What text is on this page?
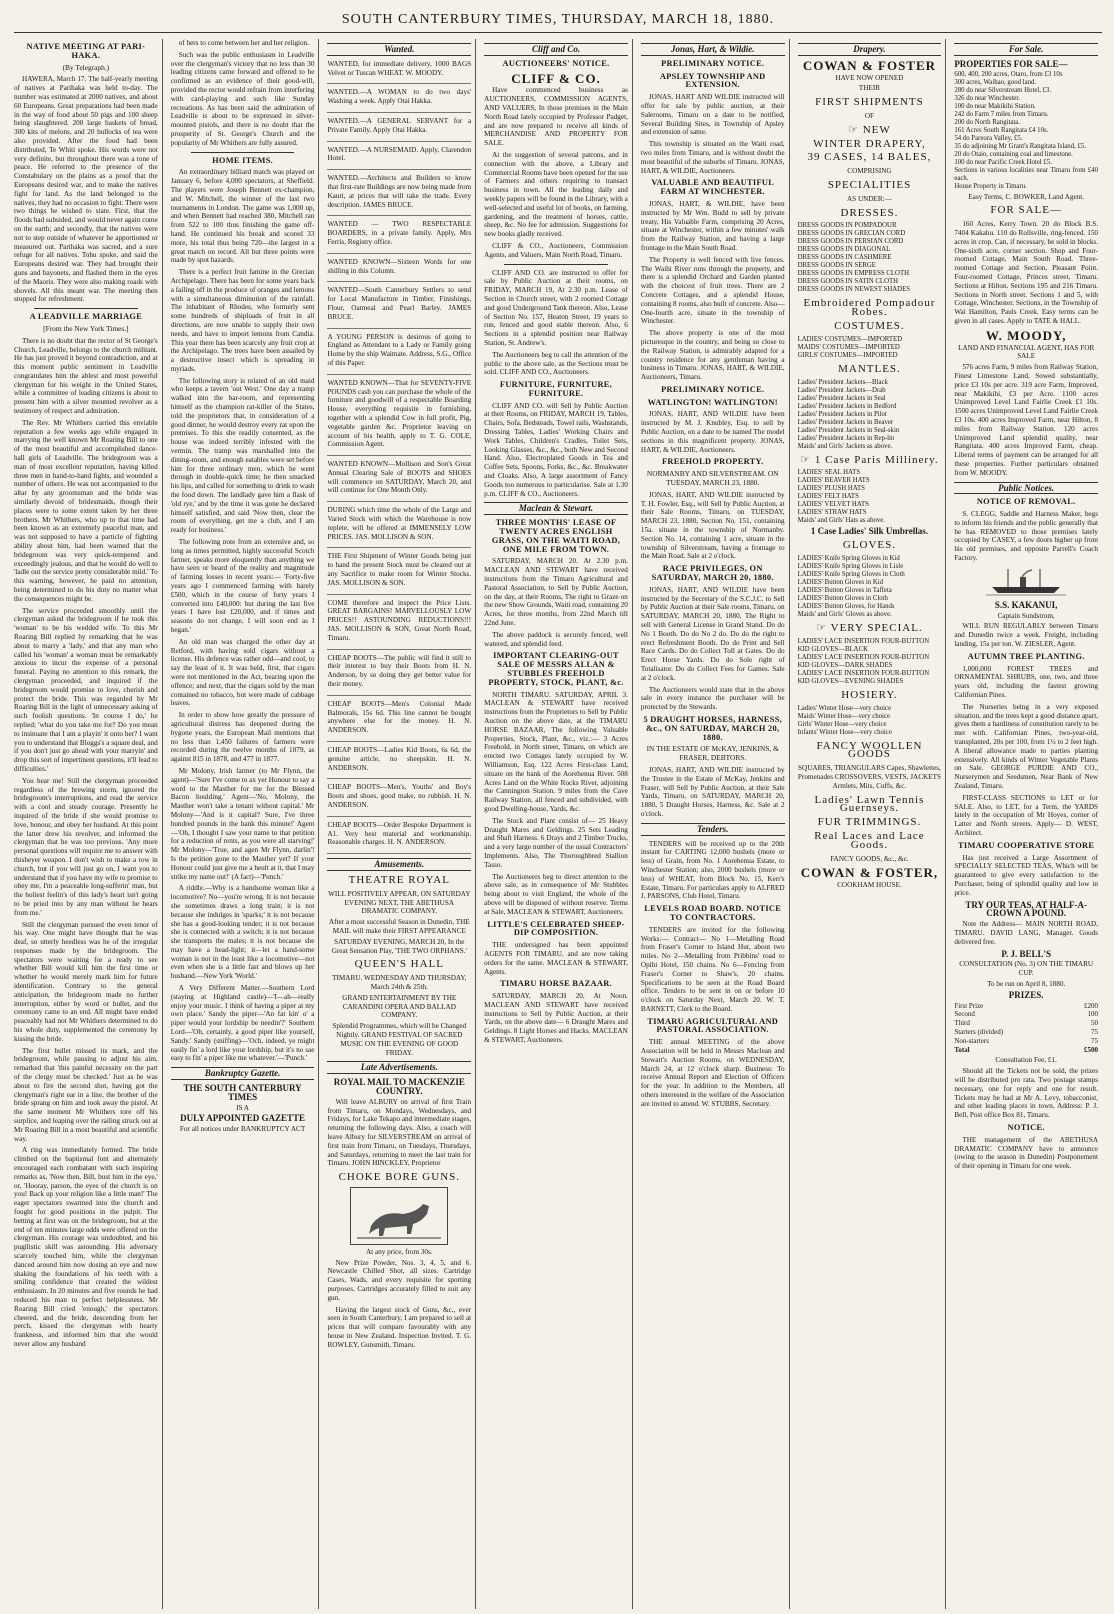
SOUTH CANTERBURY TIMES, THURSDAY, MARCH 18, 1880.
NATIVE MEETING AT PARI-HAKA.
(By Telegraph.)

HAWERA, March 17. The half-yearly meeting of natives at Parihaka was held to-day. The number was estimated at 2000 natives, and about 60 Europeans. Great preparations had been made in the way of food about 50 pigs and 100 sheep being slaughtered. 200 large baskets of bread, 300 kits of melons, and 20 bullocks of tea were also provided. After the food had been distributed, Te Whiti spoke. His words were not very definite, but throughout there was a tone of peace. He referred to the presence of the Constabulary on the plains as a proof that the Europeans desired war, and to make the natives fight for land. As the land belonged to the natives, they had no occasion to fight. There were two things he wished to state. First, that the floods had subsided, and would never again come on the earth; and secondly, that the natives were not to step outside of whatever he apportioned or measured out. Parihaka was sacred, and a sure refuge for all natives. Tohu spoke, and said the Europeans desired war. They had brought their guns and bayonets, and flashed them in the eyes of the Maoris. They were also making roads with shovels. All this meant war. The meeting then stopped for refreshment.

A LEADVILLE MARRIAGE
[From the New York Times.]

There is no doubt that the rector of St George's Church, Leadville, belongs to the church militant. He has just proved it beyond contradiction, and at this moment public sentiment in Leadville congratulates him the ablest and most powerful clergyman for his weight in the United States, while a committee of leading citizens is about to present him with a silver mounted revolver as a testimony of respect and admiration.

The Rev. Mr Whithers carried this enviable reputation a few weeks ago while engaged in marrying the well known Mr Roaring Bill to one of the most beautiful and accomplished dance-hall girls of Leadville. The bridegroom was a man of most excellent reputation, having killed three men in hand-to-hand fights, and wounded a number of others. He was not accompanied to the altar by any groomsman and the bride was similarly devoid of bridesmaids, though their places were to some extent taken by her three brothers. Mr Whithers, who up to that time had been known as an extremely peaceful man, and was not supposed to have a particle of fighting ability about him, had been warned that the bridegroom was very quick-tempered and exceedingly jealous, and that he would do well to 'ladle out the service pretty considerable mild.' To this warning, however, he paid no attention, being determined to do his duty no matter what the consequences might be.

The service proceeded smoothly until the clergyman asked the bridegroom if he took this 'woman' to be his wedded wife. To this Mr Roaring Bill replied by remarking that he was about to marry a 'lady,' and that any man who called his 'woman' a woman must be remarkably anxious to incur the expense of a personal funeral. Paying no attention to this remark, the clergyman proceeded, and inquired if the bridegroom would promise to love, cherish and protect the bride. This was regarded by Mr Roaring Bill in the light of unnecessary asking of such foolish questions. 'In course I do,' he replied; 'what do you take me for? Do you mean to insinuate that I am a playin' it onto her? I want you to understand that Bloggs's a square deal, and if you don't just go ahead with your marryin' and drop this sort of impertinent questions, it'll lead to difficulties.'

You hear me! Still the clergyman proceeded regardless of the brewing storm, ignored the bridegroom's interruptions, and read the service with a cool and steady courage. Presently he inquired of the bride if she would promise to love, honour, and obey her husband. At this point the latter drew his revolver, and informed the clergyman that he was too previous. 'Any more personal questions will require me to answer with thisheyer weapon. I don't wish to make a row in church, but if you will just go on, I want you to understand that if you have my wife to promise to obey me, I'm a peaceable long-sufferin' man, but the holiest feelin's of this lady's heart isn't going to be pried into by any man without he hears from me.'

Still the clergyman pursued the even tenor of his way. One might have thought that he was deaf, so utterly heedless was he of the irregular responses made by the bridegroom. The spectators were waiting for a ready to see whether Bill would kill him the first time or whether he would merely mark him for future identification. Contrary to the general anticipation, the bridegroom made no further interruption, either by word or bullet, and the ceremony came to an end. All might have ended peaceably had not Mr Whithers determined to do his whole duty, supplemented the ceremony by kissing the bride.

The first bullet missed its mark, and the bridegroom, while pausing to adjust his aim, remarked that 'this painful necessity on the part of the clergy must be checked.' Just as he was about to fire the second shot, having got the clergyman's right ear in a line, the brother of the bride sprang on him and took away the pistol. At the same moment Mr Whithers tore off his surplice, and leaping over the railing struck out at Mr Roaring Bill in a most beautiful and scientific way.

A ring was immediately formed. The bride climbed on the baptismal font and alternately encouraged each combatant with such inspiring remarks as, 'Now then, Bill, bust him in the eye,' or, 'Hooray, parson, the eyes of the church is on you! Back up your religion like a little man!' The eager spectators swarmed into the church and fought for good positions in the pulpit. The betting at first was on the bridegroom, but at the end of ten minutes large odds were offered on the clergyman. His courage was undoubted, and his pugilistic skill was astounding. His adversary scarcely touched him, while the clergyman danced around him now dosing an eye and now shaking the foundations of his teeth with a smiling confidence that created the wildest enthusiasm. In 20 minutes and five rounds he had reduced his man to perfect helplessness. Mr Roaring Bill cried 'enough,' the spectators cheered, and the bride, descending from her perch, kissed the clergyman with hearty frankness, and informed him that she would never allow any husband

of hers to come between her and her religion.

Such was the public enthusiasm in Leadville over the clergyman's victory that no less than 30 leading citizens came forward and offered to be confirmed as an evidence of their good-will, provided the rector would refrain from interfering with card-playing and such like Sunday recreations. As has been said the admiration of Leadville is about to be expressed in silver-mounted pistols, and there is no doubt that the prosperity of St. George's Church and the popularity of Mr Whithers are fully assured.

HOME ITEMS.

An extraordinary billiard match was played on January 6, before 4,000 spectators, at Sheffield. The players were Joseph Bennett ex-champion, and W. Mitchell, the winner of the last two tournaments in London. The game was 1,000 up, and when Bennett had reached 380, Mitchell ran from 522 to 100 thus finishing the game off-hand. He continued his break and scored 33 more, his total thus being 720—the largest in a great match on record. All but three points were made by spot hazards.

There is a perfect fruit famine in the Grecian Archipelago. There has been for some years back a failing off in the produce of oranges and lemons with a simultaneous diminution of the rainfall. The inhabitant of Rhodes, who formerly sent some hundreds of shiploads of fruit in all directions, are now unable to supply their own needs, and have to import lemons from Candia. This year there has been scarcely any fruit crop at the Archipelago. The trees have been assailed by a destructive insect which is spreading in myriads.

The following story is related of an old maid who keeps a tavern 'out West.' One day a tramp walked into the bar-room, and representing himself as the champion rat-killer of the States, told the proprietors that, in consideration of a good dinner, he would destroy every rat upon the premises. To this she readily consented, as the house was indeed terribly infested with the vermin. The tramp was marshalled into the dining-room, and enough eatables were set before him for three ordinary men, which he went through in double-quick time; he then smacked his lips, and called for something to drink to wash the food down. The landlady gave him a flask of 'old rye,' and by the time it was gone he declared himself satisfied, and said 'Now then, clear the room of everything, get me a club, and I am ready for business.'

The following note from an extensive and, so long as times permitted, highly successful Scotch farmer, speaks more eloquently than anything we have seen or heard of the reality and magnitude of farming losses in recent years:— 'Forty-five years ago I commenced farming with barely £500, which in the course of forty years I converted into £40,000: but during the last five years I have lost £20,000, and if times and seasons do not change, I will soon end as I began.'

An old man was charged the other day at Retford, with having sold cigars without a license. His defence was rather odd—and cool, to say the least of it. It was held, first, that cigars were not mentioned in the Act, bearing upon the offence; and next, that the cigars sold by the man contained no tobacco, but were made of cabbage leaves.

In order to show how greatly the pressure of agricultural distress has deepened during the bygone years, the European Mail mentions that no less than 1,450 failures of farmers were recorded during the twelve months of 1879, as against 815 in 1878, and 477 in 1877.

Mr Molony, Irish farmer (to Mr Flynn, the agent)—'Sure I've come to ax yer Honour to say a word to the Masther for me for the Blessed Bacon houlding.' Agent—'No, Molony, the Masther won't take a tenant without capital.' Mr Molony—'And is it capital? Sure, I've three hundred pounds in the bank this minute!' Agent—'Oh, I thought I saw your name to that petition for a reduction of rents, as you were all starving!' Mr Molony—'True, and agen Mr Flynn, darlin'! Is the petition gone to the Masther yet? If your Honour could just give me a heult at it, that I may strike my name out!' (A fact)—'Punch.'

A riddle.—Why is a handsome woman like a locomotive? No—you're wrong. It is not because she sometimes draws a long train; it is not because she indulges in 'sparks;' it is not because she has a good-looking tender; it is not because she is connected with a switch; it is not because she transports the males; it is not because she may have a head-light; it—let a hand-some woman is not in the least like a locomotive—not even when she is a little fast and blows up her husband.—New York 'World.'

A Very Different Matter.—Southern Lord (staying at Highland castle)—'I—ah—really enjoy your music. I think of having a piper at my own place.' Sandy the piper—'An fat kin' o' a piper would your lordship be needin'?' Southern Lord—'Oh, certainly, a good piper like yourself, Sandy.' Sandy (sniffing)—'Och, indeed, ye might easily fin' a lord like your lordship, but it's no sae easy to fin' a piper like me whatever.'—'Punch.'

Bankruptcy Gazette.
THE SOUTH CANTERBURY TIMES
IS A
DULY APPOINTED GAZETTE
For all notices under BANKRUPTCY ACT
Wanted.

WANTED, for immediate delivery, 1000 BAGS Velvet or Tuscan WHEAT. W. MOODY.

WANTED.—A WOMAN to do two days' Washing a week. Apply Otai Hakka.

WANTED.—A GENERAL SERVANT for a Private Family. Apply Otai Hakka.

WANTED.—A NURSEMAID. Apply, Clarendon Hotel.

WANTED.—Architects and Builders to know that first-rate Buildings are now being made from Kauri, at prices that will take the trade. Every description. JAMES BRUCE.

WANTED — TWO RESPECTABLE BOARDERS, in a private family. Apply, Mrs Ferris, Registry office.

WANTED KNOWN—Sixteen Words for one shilling in this Column.

WANTED—South Canterbury Settlers to send for Local Manufacture in Timber, Finishings, Flour, Oatmeal and Pearl Barley. JAMES BRUCE.

A YOUNG PERSON is desirous of going to England as Attendant to a Lady or Family going Home by the ship Waimate. Address, S.G., Office of this Paper.

WANTED KNOWN—That for SEVENTY-FIVE POUNDS cash you can purchase the whole of the furniture and goodwill of a respectable Boarding House, everything requisite in furnishing, together with a splendid Cow in full profit, Pig, vegetable garden &c. Proprietor leaving on account of his health, apply to T. G. COLE, Commission Agent.

WANTED KNOWN—Mollison and Son's Great Annual Clearing Sale of BOOTS and SHOES will commence on SATURDAY, March 20, and will continue for One Month Only.

DURING which time the whole of the Large and Varied Stock with which the Warehouse is now replete, will be offered at IMMENSELY LOW PRICES. JAS. MOLLISON & SON.

THE First Shipment of Winter Goods being just to hand the present Stock must be cleared out at any Sacrifice to make room for Winter Stocks. JAS. MOLLISON & SON.

COME therefore and inspect the Price Lists. GREAT BARGAINS! MARVELLOUSLY LOW PRICES!! ASTOUNDING REDUCTIONS!!! JAS. MOLLISON & SON, Great North Road, Timaru.

CHEAP BOOTS—The public will find it still to their interest to buy their Boots from H. N. Anderson, by so doing they get better value for their money.

CHEAP BOOTS—Men's Colonial Made Balmorals, 15s 6d. This line cannot be bought anywhere else for the money. H. N. ANDERSON.

CHEAP BOOTS—Ladies Kid Boots, 6s 6d, the genuine article, no sheepskin. H. N. ANDERSON.

CHEAP BOOTS—Men's, Youths' and Boy's Boots and shoes, good make, no rubbish. H. N. ANDERSON.

CHEAP BOOTS—Order Bespoke Department is A1. Very best material and workmanship. Reasonable charges. H. N. ANDERSON.

Amusements.
THEATRE ROYAL
WILL POSITIVELY APPEAR, ON SATURDAY EVENING NEXT, THE ABETHUSA DRAMATIC COMPANY.
After a most successful Season in Dunedin, THE MAIL will make their FIRST APPEARANCE
SATURDAY EVENING, MARCH 20, In the Great Sensation Play, 'THE TWO ORPHANS.'
QUEEN'S HALL
TIMARU. WEDNESDAY AND THURSDAY, March 24th & 25th.
GRAND ENTERTAINMENT BY THE CARANDINI OPERA AND BALLAD COMPANY.
Splendid Programmes, which will be Changed Nightly. GRAND FESTIVAL OF SACRED MUSIC ON THE EVENING OF GOOD FRIDAY.
Late Advertisements.
ROYAL MAIL TO MACKENZIE COUNTRY.

Will leave ALBURY on arrival of first Train from Timaru, on Mondays, Wednesdays, and Fridays, for Lake Tekapo and intermediate stages, returning the following days. Also, a coach will leave Albury for SILVERSTREAM on arrival of first train from Timaru, on Tuesdays, Thursdays, and Saturdays, returning to meet the last train for Timaru. JOHN HINCKLEY, Proprietor

CHOKE BORE GUNS.
At any price, from 30s.

New Prize Powder, Nos. 3, 4, 5, and 6. Newcastle Chilled Shot, all sizes. Cartridge Cases, Wads, and every requisite for sporting purposes. Cartridges accurately filled to suit any gun.

Having the largest stock of Guns, &c., ever seen in South Canterbury, I am prepared to sell at prices that will compare favourably with any house in New Zealand. Inspection Invited. T. G. ROWLEY, Gunsmith, Timaru.

Cliff and Co.
AUCTIONEERS' NOTICE.
CLIFF & CO.

Have commenced business as AUCTIONEERS, COMMISSION AGENTS, AND VALUERS, In those premises in the Main North Road lately occupied by Professor Padget, and are now prepared to receive all kinds of MERCHANDISE AND PROPERTY FOR SALE.

At the suggestion of several patrons, and in connection with the above, a Library and Commercial Rooms have been opened for the use of Farmers and others requiring to transact business in town. All the leading daily and weekly papers will be found in the Library, with a well-selected and useful lot of books, on farming, gardening, and the treatment of horses, cattle, sheep, &c. No fee for admission. Suggestions for new books gladly received.

CLIFF & CO., Auctioneers, Commission Agents, and Valuers, Main North Road, Timaru.

CLIFF AND CO. are instructed to offer for sale by Public Auction at their rooms, on FRIDAY, MARCH 19, At 2.30 p.m. Lease of Section in Church street, with 2 roomed Cottage and good Underground Tank thereon. Also, Lease of Section No. 157, Heaton Street, 19 years to run, fenced and good stable thereon. Also, 6 Sections in a splendid position near Railway Station, St. Andrew's.

The Auctioneers beg to call the attention of the public to the above sale, as the Sections must be sold. CLIFF AND CO., Auctioneers.

FURNITURE, FURNITURE, FURNITURE.

CLIFF AND CO. will Sell by Public Auction at their Rooms, on FRIDAY, MARCH 19, Tables, Chairs, Sofa, Bedsteads, Towel rails, Washstands, Dressing Tables, Ladies' Working Chairs and Work Tables, Children's Cradles, Toilet Sets, Looking Glasses, &c., &c., both New and Second Hand. Also, Electroplated Goods in Tea and Coffee Sets, Spoons, Forks, &c., &c. Breakwater and Cloaks. Also, A large assortment of Fancy Goods too numerous to particularise. Sale at 1.30 p.m. CLIFF & CO., Auctioneers.

Maclean & Stewart.
THREE MONTHS' LEASE OF TWENTY ACRES ENGLISH GRASS, ON THE WAITI ROAD, ONE MILE FROM TOWN.

SATURDAY, MARCH 20. At 2.30 p.m. MACLEAN AND STEWART have received instructions from the Timaru Agricultural and Pastoral Association, to Sell by Public Auction, on the day, at their Rooms, The right to Graze on the new Show Grounds, Waiti road, containing 20 Acres, for three months, from 22nd March till 22nd June.

The above paddock is securely fenced, well watered, and splendid feed.

IMPORTANT CLEARING-OUT SALE OF MESSRS ALLAN & STUBBLES FREEHOLD PROPERTY, STOCK, PLANT, &c.

NORTH TIMARU. SATURDAY, APRIL 3. MACLEAN & STEWART have received instructions from the Proprietors to Sell by Public Auction on the above date, at the TIMARU HORSE BAZAAR, The following Valuable Properties, Stock, Plant, &c., viz.:— 3 Acres Freehold, in North street, Timaru, on which are erected two Cottages lately occupied by W. Williamson, Esq. 122 Acres First-class Land, situate on the bank of the Aorehenua River. 508 Acres Land on the White Rocks River, adjoining the Cannington Station. 9 miles from the Cave Railway Station, all fenced and subdivided, with good Dwelling-house, Yards, &c.

The Stock and Plant consist of— 25 Heavy Draught Mares and Geldings. 25 Sets Leading and Shaft Harness. 6 Drays and 2 Timber Trucks, and a very large number of the usual Contractors' Implements. Also, The Thoroughbred Stallion Tasso.

The Auctioneers beg to direct attention to the above sale, as in consequence of Mr Stubbles being about to visit England, the whole of the above will be disposed of without reserve. Terms at Sale, MACLEAN & STEWART, Auctioneers.

LITTLE'S CELEBRATED SHEEP-DIP COMPOSITION.

THE undersigned has been appointed AGENTS FOR TIMARU, and are now taking orders for the same. MACLEAN & STEWART, Agents.

TIMARU HORSE BAZAAR.

SATURDAY, MARCH 20, At Noon. MACLEAN AND STEWART have received instructions to Sell by Public Auction, at their Yards, on the above date— 6 Draught Mares and Geldings. 8 Light Horses and Hacks. MACLEAN & STEWART, Auctioneers.

Jonas, Hart, & Wildie.
PRELIMINARY NOTICE.
APSLEY TOWNSHIP AND EXTENSION.

JONAS, HART AND WILDIE instructed will offer for sale by public auction, at their Salerooms, Timaru on a date to be notified, Several Building Sites, in Township of Apsley and extension of same.

This township is situated on the Waiti road, two miles from Timaru, and is without doubt the most beautiful of the suburbs of Timaru. JONAS, HART, & WILDIE, Auctioneers.

VALUABLE AND BEAUTIFUL FARM AT WINCHESTER.

JONAS, HART, & WILDIE, have been instructed by Mr Wm. Budd to sell by private treaty, His Valuable Farm, comprising 20 Acres, situate at Winchester, within a few minutes' walk from the Railway Station, and having a large frontage to the Main South Road.

The Property is well fenced with live fences. The Waihi River runs through the property, and there is a splendid Orchard and Garden planted with the choicest of fruit trees. There are 2 Concrete Cottages, and a splendid House, containing 8 rooms, also built of concrete. Also— One-fourth acre, situate in the township of Winchester.

The above property is one of the most picturesque in the country, and being so close to the Railway Station, is admirably adapted for a country residence for any gentleman having a business in Timaru. JONAS, HART, & WILDIE, Auctioneers, Timaru.

PRELIMINARY NOTICE.
WATLINGTON! WATLINGTON!

JONAS, HART, AND WILDIE have been instructed by M. J. Knubley, Esq. to sell by Public Auction, on a date to be named The model sections in this magnificent property. JONAS, HART, & WILDIE, Auctioneers.

FREEHOLD PROPERTY.
NORMANBY AND SILVERSTREAM. ON TUESDAY, MARCH 23, 1880.

JONAS, HART, AND WILDIE instructed by T. H. Fowler, Esq., will Sell by Public Auction, at their Sale Rooms, Timaru, on TUESDAY, MARCH 23, 1880, Section No. 151, containing 15a. situate in the township of Normanby. Section No. 14, containing 1 acre, situate in the township of Silverstream, having a frontage to the Main Road. Sale at 2 o'clock.

RACE PRIVILEGES, ON SATURDAY, MARCH 20, 1880.

JONAS, HART, AND WILDIE have been instructed by the Secretary of the S.C.J.C. to Sell by Public Auction at their Sale rooms, Timaru, on SATURDAY, MARCH 20, 1880, The Right to sell with General License in Grand Stand. Do do No 1 Booth. Do do No 2 do. Do do the right to erect Refreshment Booth. Do do Print and Sell Race Cards. Do do Collect Toll at Gates. Do do Erect Horse Yards. Do do Sole right of Totalisator. Do do Collect Fees for Games. Sale at 2 o'clock.

The Auctioneers would state that in the above sale in every instance the purchaser will be protected by the Stewards.

5 DRAUGHT HORSES, HARNESS, &c., ON SATURDAY, MARCH 20, 1880.
IN THE ESTATE OF McKAY, JENKINS, & FRASER, DEBTORS.

JONAS, HART, AND WILDIE instructed by the Trustee in the Estate of McKay, Jenkins and Fraser, will Sell by Public Auction, at their Sale Yards, Timaru, on SATURDAY, MARCH 20, 1880, 5 Draught Horses, Harness, &c. Sale at 2 o'clock.

Tenders.

TENDERS will be received up to the 20th instant for CARTING 12,000 bushels (more or less) of Grain, from No. 1 Aorehenua Estate, to Winchester Station; also, 2000 bushels (more or less) of WHEAT, from Block No. 15, Kerr's Estate, Timaru. For particulars apply to ALFRED J. PARSONS, Club Hotel, Timaru.

LEVELS ROAD BOARD. NOTICE TO CONTRACTORS.

TENDERS are invited for the following Works:— Contract— No 1—Metalling Road from Fraser's Corner to Island Hut, about two miles. No 2—Metalling from Pribbins' road to Opihi Hotel, 150 chains. No 6—Fencing from Fraser's Corner to Shaw's, 20 chains. Specifications to be seen at the Road Board office. Tenders to be sent in on or before 10 o'clock on Saturday Next, March 20. W. T. BARNETT, Clerk to the Board.

TIMARU AGRICULTURAL AND PASTORAL ASSOCIATION.

THE annual MEETING of the above Association will be held in Messrs Maclean and Stewart's Auction Rooms, on WEDNESDAY, March 24, at 12 o'clock sharp. Business: To receive Annual Report and Election of Officers for the year. In addition to the Members, all others interested in the welfare of the Association are invited to attend. W. STUBBS, Secretary.

Drapery.
COWAN & FOSTER
HAVE NOW OPENED
THEIR
FIRST SHIPMENTS
OF
☞ NEW
WINTER DRAPERY,
39 CASES, 14 BALES,
COMPRISING
SPECIALITIES
AS UNDER:—
DRESSES.
DRESS GOODS IN POMPADOUR
DRESS GOODS IN GRECIAN CORD
DRESS GOODS IN PERSIAN CORD
DRESS GOODS IN DIAGONAL
DRESS GOODS IN CASHMERE
DRESS GOODS IN SERGE
DRESS GOODS IN EMPRESS CLOTH
DRESS GOODS IN SATIN CLOTH
DRESS GOODS IN NEWEST SHADES
Embroidered Pompadour Robes.
COSTUMES.
LADIES' COSTUMES—IMPORTED
MAIDS' COSTUMES—IMPORTED
GIRLS' COSTUMES—IMPORTED
MANTLES.
Ladies' President Jackets—Black
Ladies' President Jackets—Drab
Ladies' President Jackets in Seal
Ladies' President Jackets in Bedford
Ladies' President Jackets in Pilot
Ladies' President Jackets in Beaver
Ladies' President Jackets in Seal-skin
Ladies' President Jackets in Rep-lin
Maids' and Girls' Jackets as above.
☞ 1 Case Paris Millinery.
LADIES' SEAL HATS
LADIES' BEAVER HATS
LADIES' PLUSH HATS
LADIES' FELT HATS
LADIES' VELVET HATS
LADIES' STRAW HATS
Maids' and Girls' Hats as above.
1 Case Ladies' Silk Umbrellas.
GLOVES.
LADIES' Knife Spring Gloves in Kid
LADIES' Knife Spring Gloves in Lisle
LADIES' Knife Spring Gloves in Cloth
LADIES' Button Gloves in Kid
LADIES' Button Gloves in Taffeta
LADIES' Button Gloves in Cloth
LADIES' Button Gloves, for Hands
Maids' and Girls' Gloves as above.
☞ VERY SPECIAL.
LADIES' LACE INSERTION FOUR-BUTTON KID GLOVES—BLACK
LADIES' LACE INSERTION FOUR-BUTTON KID GLOVES—DARK SHADES
LADIES' LACE INSERTION FOUR-BUTTON KID GLOVES—EVENING SHADES
HOSIERY.
Ladies' Winter Hose—very choice
Maids' Winter Hose—very choice
Girls' Winter Hose—very choice
Infants' Winter Hose—very choice
FANCY WOOLLEN GOODS
SQUARES, TRIANGULARS Capes, Shawlettes, Promenades CROSSOVERS, VESTS, JACKETS Armlets, Mits, Cuffs, &c.
Ladies' Lawn Tennis Guernseys.
FUR TRIMMINGS.
Real Laces and Lace Goods.
FANCY GOODS, &c., &c.
COWAN & FOSTER,
COOKHAM HOUSE.
For Sale.
PROPERTIES FOR SALE—
600, 400, 200 acres, Otaro, from £3 10s
300 acres, Waihao, good land.
280 do near Silverstream Hotel, £3.
326 do near Winchester.
100 do near Makikihi Station.
242 do Farm 7 miles from Timaru.
200 do North Rangitata.
161 Acres South Rangitata £4 10s.
54 do Pareora Valley, £5.
35 do adjoining Mr Grant's Rangitata Island, £5.
20 do Otaio, containing coal and limestone.
100 do near Pacific Creek Hotel £5.
Sections in various localities near Timaru from £40 each.
House Property in Timaru.
Easy Terms, C. BOWKER, Land Agent.
FOR SALE—

160 Acres, Kerry Town. 20 do Block B.S. 7404 Kakahu. 110 do Rollsville, ring-fenced. 150 acres in crop. Can, if necessary, be sold in blocks. One-sixth acre, corner section. Shop and Four-roomed Cottage, Main South Road. Three-roomed Cottage and Section, Pleasant Point. Four-roomed Cottage, Princes street, Timaru. Sections at Hilton. Sections 195 and 216 Timaru. Sections in North street. Sections 1 and 5, with Cottage, Winchester. Sections, in the Township of Wai Hamilton, Pauls Creek. Easy terms can be given in all cases. Apply to TATE & HALL.

W. MOODY,
LAND AND FINANCIAL AGENT, HAS FOR SALE

576 acres Farm, 9 miles from Railway Station, Finest Limestone Land, Sowed substantially, price £3 10s per acre. 319 acre Farm, Improved, near Makikihi, £3 per Acre. 1100 acres Unimproved Level Land Fairlie Creek £1 10s. 1500 acres Unimproved Level Land Fairlie Creek £3 10s. 400 acres Improved Farm, near Hilton, 8 miles from Railway Station. 120 acres Unimproved Land splendid quality, near Rangitata. 400 acres Improved Farm, cheap. Liberal terms of payment can be arranged for all these properties. Further particulars obtained from W. MOODY.

Public Notices.
NOTICE OF REMOVAL.

S. CLEGG, Saddle and Harness Maker, begs to inform his friends and the public generally that he has REMOVED to those premises lately occupied by CASEY, a few doors higher up from his old premises, and opposite Parrell's Coach Factory.

S.S. KAKANUI,
Captain Sundstrom,

WILL RUN REGULARLY between Timaru and Dunedin twice a week. Freight, including landing, 15s per ton. W. ZIESLER, Agent.

AUTUMN TREE PLANTING.

1,000,000 FOREST TREES and ORNAMENTAL SHRUBS, one, two, and three years old, including the fastest growing Californian Pines.

The Nurseries being in a very exposed situation, and the trees kept a good distance apart, gives them a hardiness of constitution rarely to be met with. Californian Pines, two-year-old, transplanted, 20s per 100, from 1½ to 2 feet high. A liberal allowance made to parties planting extensively. All kinds of Winter Vegetable Plants on Sale. GEORGE PURDIE AND CO., Nurserymen and Seedsmen, Near Bank of New Zealand, Timaru.

FIRST-CLASS SECTIONS to LET or for SALE. Also, to LET, for a Term, the YARDS lately in the occupation of Mr Hoyes, corner of Latter and North streets. Apply— D. WEST, Architect.

TIMARU COOPERATIVE STORE

Has just received a Large Assortment of SPECIALLY SELECTED TEAS, Which will be guaranteed to give every satisfaction to the Purchaser, being of splendid quality and low in price.

TRY OUR TEAS, AT HALF-A-CROWN A POUND.

Note the Address— MAIN NORTH ROAD, TIMARU. DAVID LANG, Manager. Goods delivered free.

P. J. BELL'S
CONSULTATION (No. 3) ON THE TIMARU CUP.
To be run on April 8, 1880.
PRIZES.
First Prize	£200
Second	100
Third	50
Starters (divided)	75
Non-starters	75
Total	£500
Consultation Fee, £1.

Should all the Tickets not be sold, the prizes will be distributed pro rata. Two postage stamps necessary, one for reply and one for result. Tickets may be had at Mr A. Levy, tobacconist, and other leading places in town. Address: P. J. Bell, Post office Box 81, Timaru.

NOTICE.

THE management of the ABETHUSA DRAMATIC COMPANY have to announce (owing to the season in Dunedin) Postponement of their opening in Timaru for one week.
